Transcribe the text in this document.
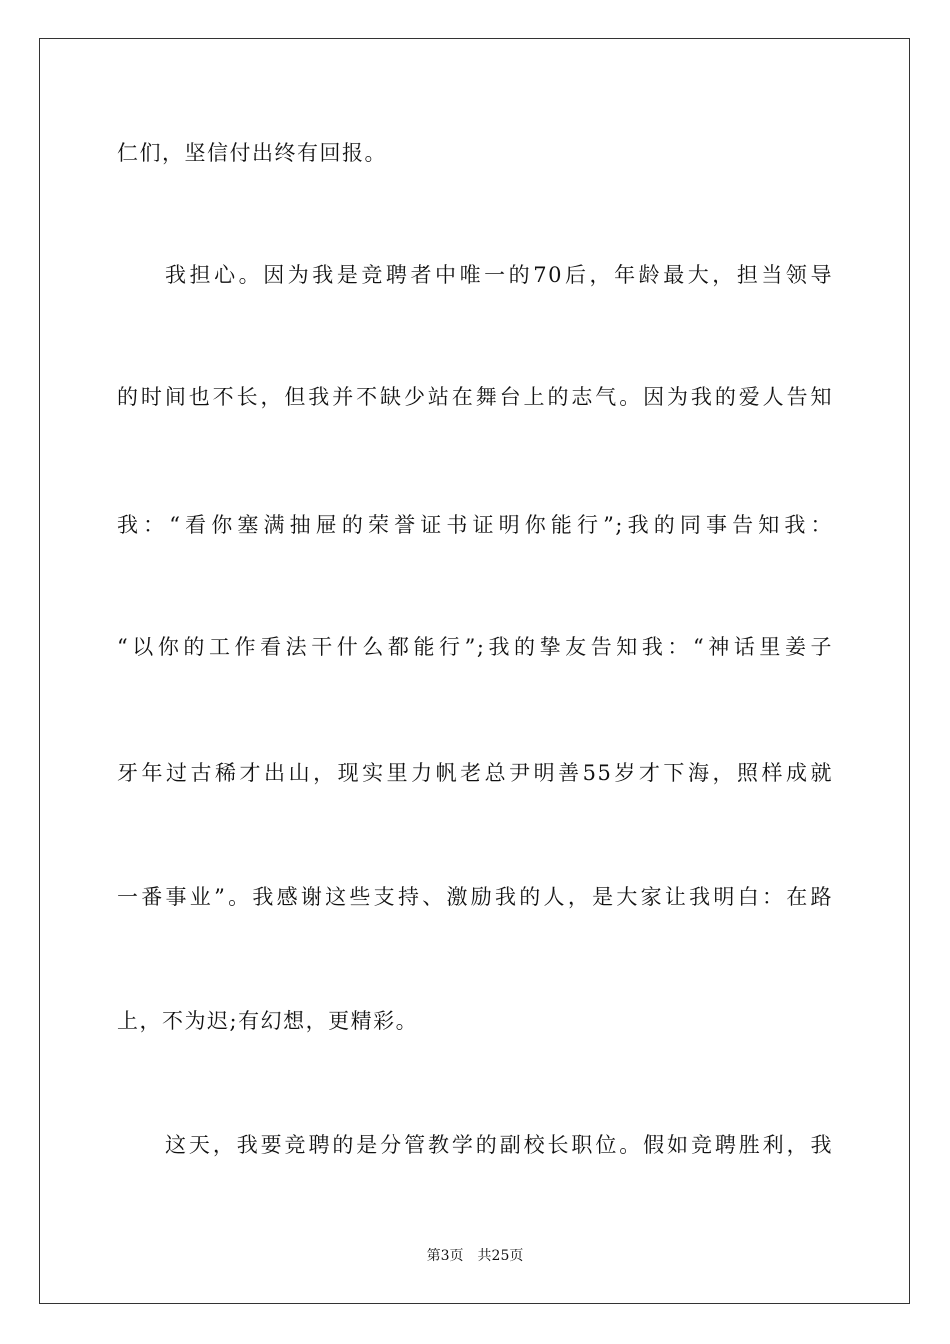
仁们，坚信付出终有回报。
我担心。因为我是竞聘者中唯一的70后，年龄最大，担当领导
的时间也不长，但我并不缺少站在舞台上的志气。因为我的爱人告知
我：“看你塞满抽屉的荣誉证书证明你能行”;我的同事告知我：
“以你的工作看法干什么都能行”;我的挚友告知我：“神话里姜子
牙年过古稀才出山，现实里力帆老总尹明善55岁才下海，照样成就
一番事业”。我感谢这些支持、激励我的人，是大家让我明白：在路
上，不为迟;有幻想，更精彩。
这天，我要竞聘的是分管教学的副校长职位。假如竞聘胜利，我
第3页 共25页
